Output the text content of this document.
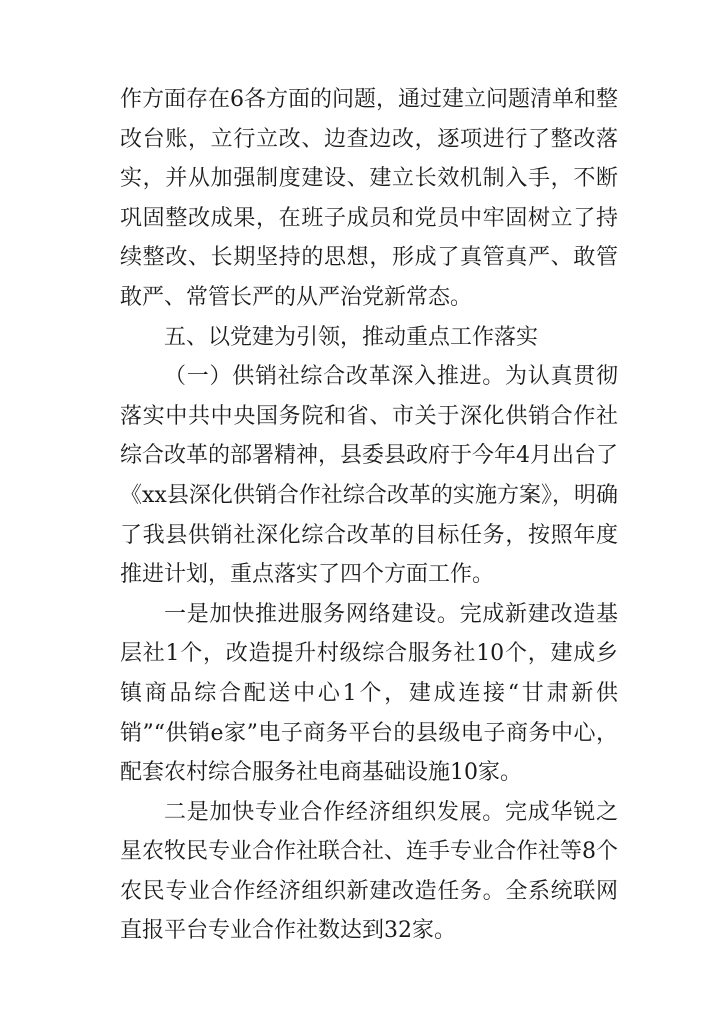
作方面存在6各方面的问题，通过建立问题清单和整改台账，立行立改、边查边改，逐项进行了整改落实，并从加强制度建设、建立长效机制入手，不断巩固整改成果，在班子成员和党员中牢固树立了持续整改、长期坚持的思想，形成了真管真严、敢管敢严、常管长严的从严治党新常态。

五、以党建为引领，推动重点工作落实

（一）供销社综合改革深入推进。为认真贯彻落实中共中央国务院和省、市关于深化供销合作社综合改革的部署精神，县委县政府于今年4月出台了《xx县深化供销合作社综合改革的实施方案》，明确了我县供销社深化综合改革的目标任务，按照年度推进计划，重点落实了四个方面工作。

一是加快推进服务网络建设。完成新建改造基层社1个，改造提升村级综合服务社10个，建成乡镇商品综合配送中心1个，建成连接“甘肃新供销”“供销e家”电子商务平台的县级电子商务中心，配套农村综合服务社电商基础设施10家。

二是加快专业合作经济组织发展。完成华锐之星农牧民专业合作社联合社、连手专业合作社等8个农民专业合作经济组织新建改造任务。全系统联网直报平台专业合作社数达到32家。
